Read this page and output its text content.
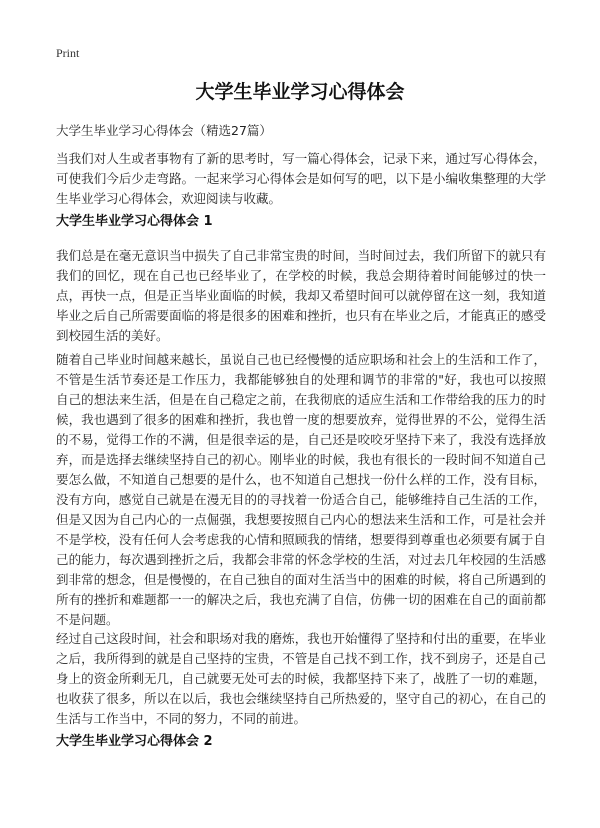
Print
大学生毕业学习心得体会
大学生毕业学习心得体会（精选27篇）

当我们对人生或者事物有了新的思考时，写一篇心得体会，记录下来，通过写心得体会，可使我们今后少走弯路。一起来学习心得体会是如何写的吧，以下是小编收集整理的大学生毕业学习心得体会，欢迎阅读与收藏。

大学生毕业学习心得体会 1

我们总是在毫无意识当中损失了自己非常宝贵的时间，当时间过去，我们所留下的就只有我们的回忆，现在自己也已经毕业了，在学校的时候，我总会期待着时间能够过的快一点，再快一点，但是正当毕业面临的时候，我却又希望时间可以就停留在这一刻，我知道毕业之后自己所需要面临的将是很多的困难和挫折，也只有在毕业之后，才能真正的感受到校园生活的美好。

随着自己毕业时间越来越长，虽说自己也已经慢慢的适应职场和社会上的生活和工作了，不管是生活节奏还是工作压力，我都能够独自的处理和调节的非常的"好，我也可以按照自己的想法来生活，但是在自己稳定之前，在我彻底的适应生活和工作带给我的压力的时候，我也遇到了很多的困难和挫折，我也曾一度的想要放弃，觉得世界的不公，觉得生活的不易，觉得工作的不满，但是很幸运的是，自己还是咬咬牙坚持下来了，我没有选择放弃，而是选择去继续坚持自己的初心。刚毕业的时候，我也有很长的一段时间不知道自己要怎么做，不知道自己想要的是什么，也不知道自己想找一份什么样的工作，没有目标，没有方向，感觉自己就是在漫无目的的寻找着一份适合自己，能够维持自己生活的工作，但是又因为自己内心的一点倔强，我想要按照自己内心的想法来生活和工作，可是社会并不是学校，没有任何人会考虑我的心情和照顾我的情绪，想要得到尊重也必须要有属于自己的能力，每次遇到挫折之后，我都会非常的怀念学校的生活，对过去几年校园的生活感到非常的想念，但是慢慢的，在自己独自的面对生活当中的困难的时候，将自己所遇到的所有的挫折和难题都一一的解决之后，我也充满了自信，仿佛一切的困难在自己的面前都不是问题。

经过自己这段时间，社会和职场对我的磨炼，我也开始懂得了坚持和付出的重要，在毕业之后，我所得到的就是自己坚持的宝贵，不管是自己找不到工作，找不到房子，还是自己身上的资金所剩无几，自己就要无处可去的时候，我都坚持下来了，战胜了一切的难题，也收获了很多，所以在以后，我也会继续坚持自己所热爱的，坚守自己的初心，在自己的生活与工作当中，不同的努力，不同的前进。

大学生毕业学习心得体会 2
